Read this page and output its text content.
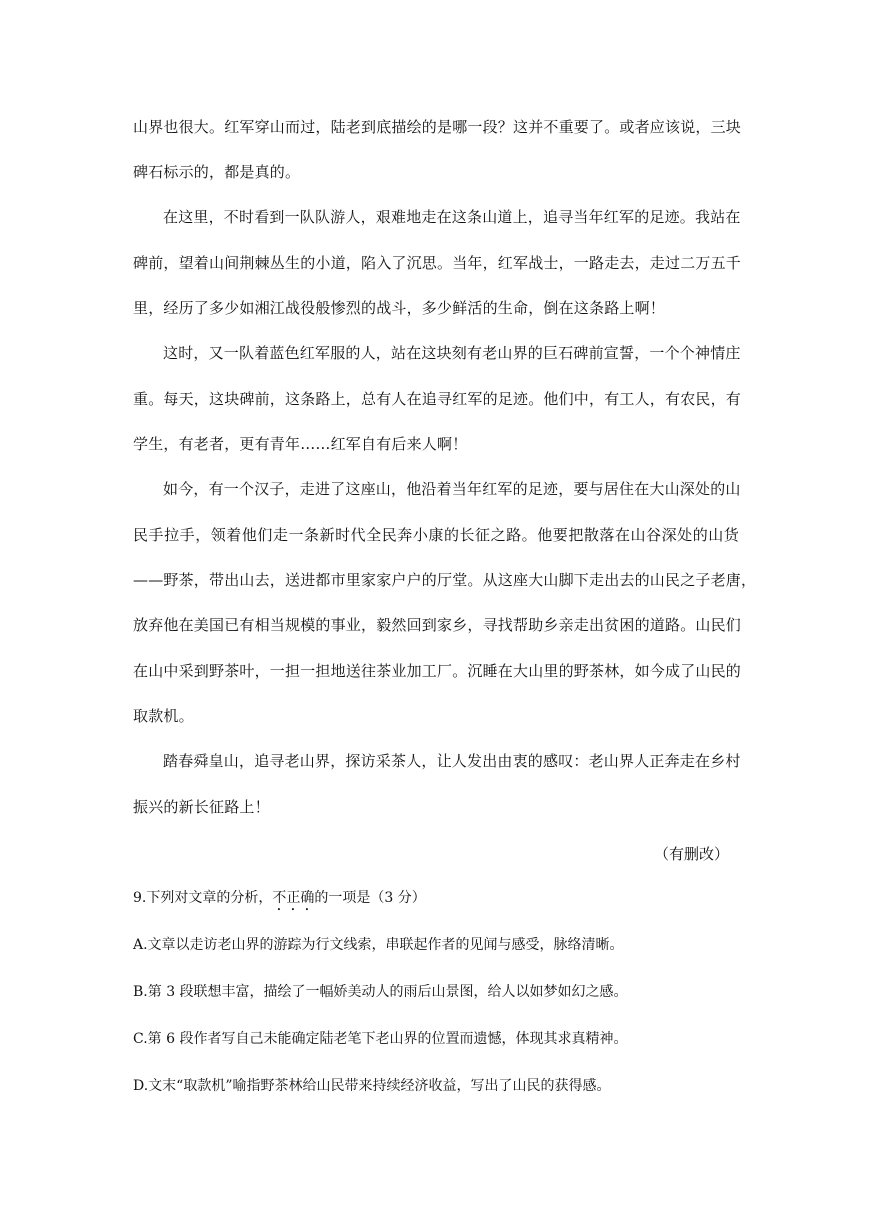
山界也很大。红军穿山而过，陆老到底描绘的是哪一段？这并不重要了。或者应该说，三块
碑石标示的，都是真的。
在这里，不时看到一队队游人，艰难地走在这条山道上，追寻当年红军的足迹。我站在
碑前，望着山间荆棘丛生的小道，陷入了沉思。当年，红军战士，一路走去，走过二万五千
里，经历了多少如湘江战役般惨烈的战斗，多少鲜活的生命，倒在这条路上啊！
这时，又一队着蓝色红军服的人，站在这块刻有老山界的巨石碑前宣誓，一个个神情庄
重。每天，这块碑前，这条路上，总有人在追寻红军的足迹。他们中，有工人，有农民，有
学生，有老者，更有青年……红军自有后来人啊！
如今，有一个汉子，走进了这座山，他沿着当年红军的足迹，要与居住在大山深处的山
民手拉手，领着他们走一条新时代全民奔小康的长征之路。他要把散落在山谷深处的山货
——野茶，带出山去，送进都市里家家户户的厅堂。从这座大山脚下走出去的山民之子老唐，
放弃他在美国已有相当规模的事业，毅然回到家乡，寻找帮助乡亲走出贫困的道路。山民们
在山中采到野茶叶，一担一担地送往茶业加工厂。沉睡在大山里的野茶林，如今成了山民的
取款机。
踏春舜皇山，追寻老山界，探访采茶人，让人发出由衷的感叹：老山界人正奔走在乡村
振兴的新长征路上！
（有删改）
9.下列对文章的分析，不正确的一项是（3 分）
A.文章以走访老山界的游踪为行文线索，串联起作者的见闻与感受，脉络清晰。
B.第 3 段联想丰富，描绘了一幅娇美动人的雨后山景图，给人以如梦如幻之感。
C.第 6 段作者写自己未能确定陆老笔下老山界的位置而遗憾，体现其求真精神。
D.文末“取款机”喻指野茶林给山民带来持续经济收益，写出了山民的获得感。
